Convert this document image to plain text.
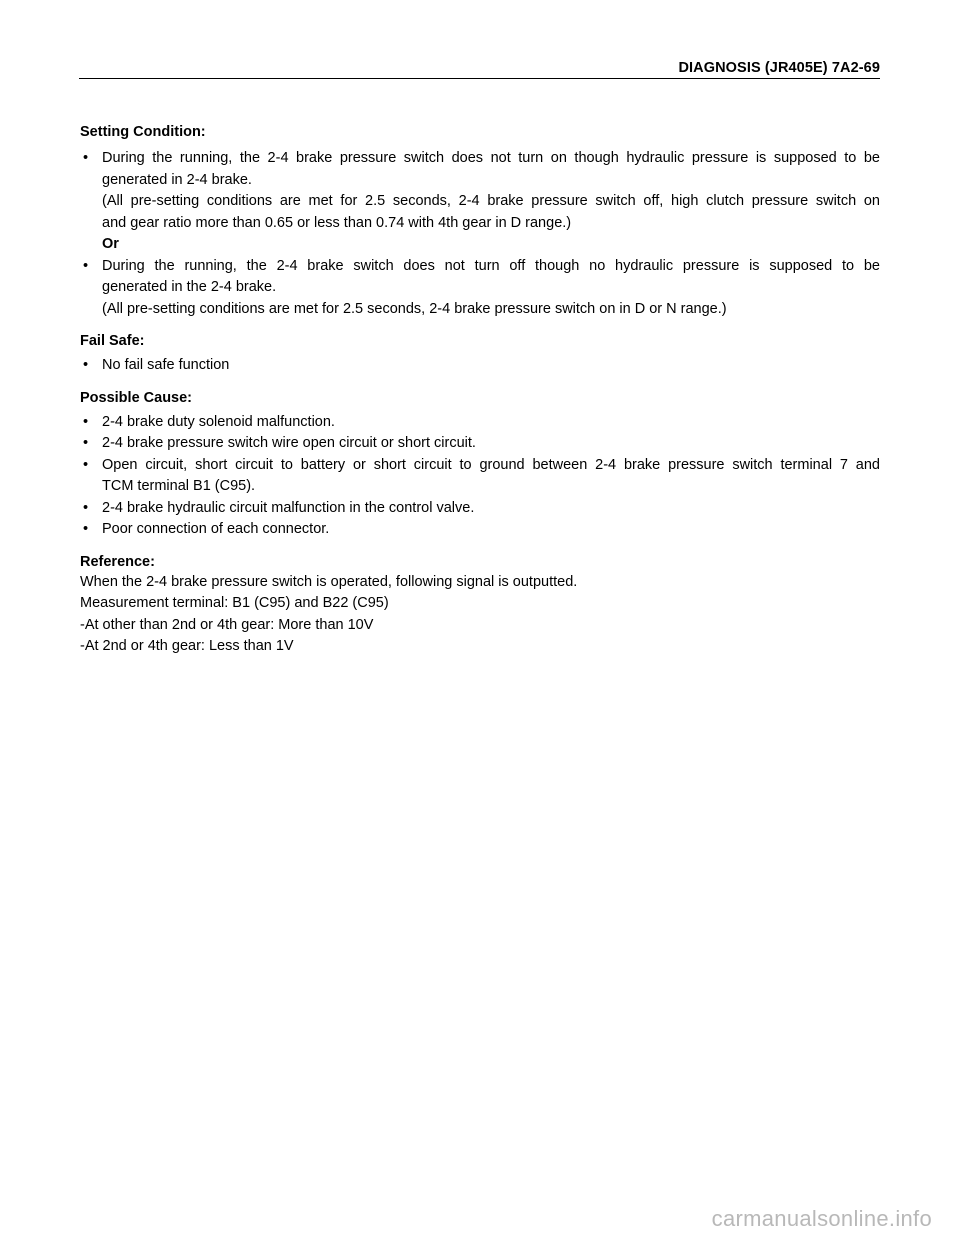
DIAGNOSIS (JR405E) 7A2-69

Setting Condition:

• During the running, the 2-4 brake pressure switch does not turn on though hydraulic pressure is supposed to be
generated in 2-4 brake.
(All pre-setting conditions are met for 2.5 seconds, 2-4 brake pressure switch off, high clutch pressure switch on
and gear ratio more than 0.65 or less than 0.74 with 4th gear in D range.)
Or
• During the running, the 2-4 brake switch does not turn off though no hydraulic pressure is supposed to be
generated in the 2-4 brake.
(All pre-setting conditions are met for 2.5 seconds, 2-4 brake pressure switch on in D or N range.)

Fail Safe:

• No fail safe function

Possible Cause:

• 2-4 brake duty solenoid malfunction.
• 2-4 brake pressure switch wire open circuit or short circuit.
• Open circuit, short circuit to battery or short circuit to ground between 2-4 brake pressure switch terminal 7 and
TCM terminal B1 (C95).
• 2-4 brake hydraulic circuit malfunction in the control valve.
• Poor connection of each connector.

Reference:

When the 2-4 brake pressure switch is operated, following signal is outputted.

Measurement terminal: B1 (C95) and B22 (C95)

-At other than 2nd or 4th gear: More than 10V

-At 2nd or 4th gear: Less than 1V

carmanualsonline.info
